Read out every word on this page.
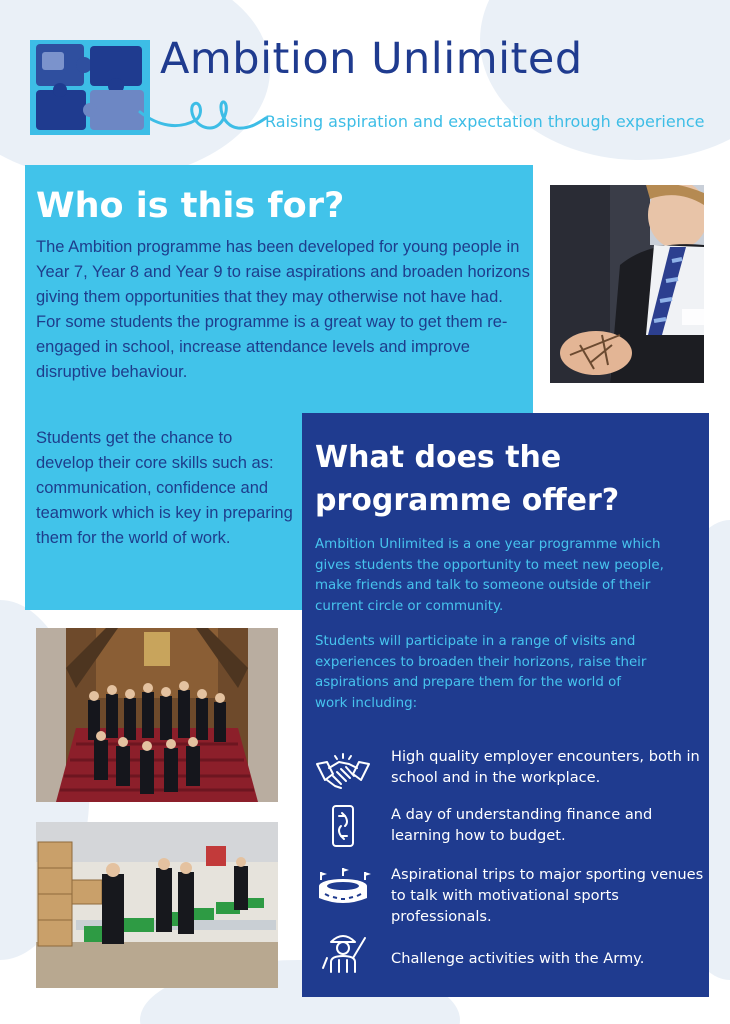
Ambition Unlimited
Raising aspiration and expectation through experience
Who is this for?
The Ambition programme has been developed for young people in Year 7, Year 8 and Year 9 to raise aspirations and broaden horizons giving them opportunities that they may otherwise not have had. For some students the programme is a great way to get them re-engaged in school, increase attendance levels and improve disruptive behaviour.
Students get the chance to develop their core skills such as: communication, confidence and teamwork which is key in preparing them for the world of work.
What does the programme offer?
Ambition Unlimited is a one year programme which gives students the opportunity to meet new people, make friends and talk to someone outside of their current circle or community.
Students will participate in a range of visits and experiences to broaden their horizons, raise their aspirations and prepare them for the world of work including:
High quality employer encounters, both in school and in the workplace.
A day of understanding finance and learning how to budget.
Aspirational trips to major sporting venues to talk with motivational sports professionals.
Challenge activities with the Army.
